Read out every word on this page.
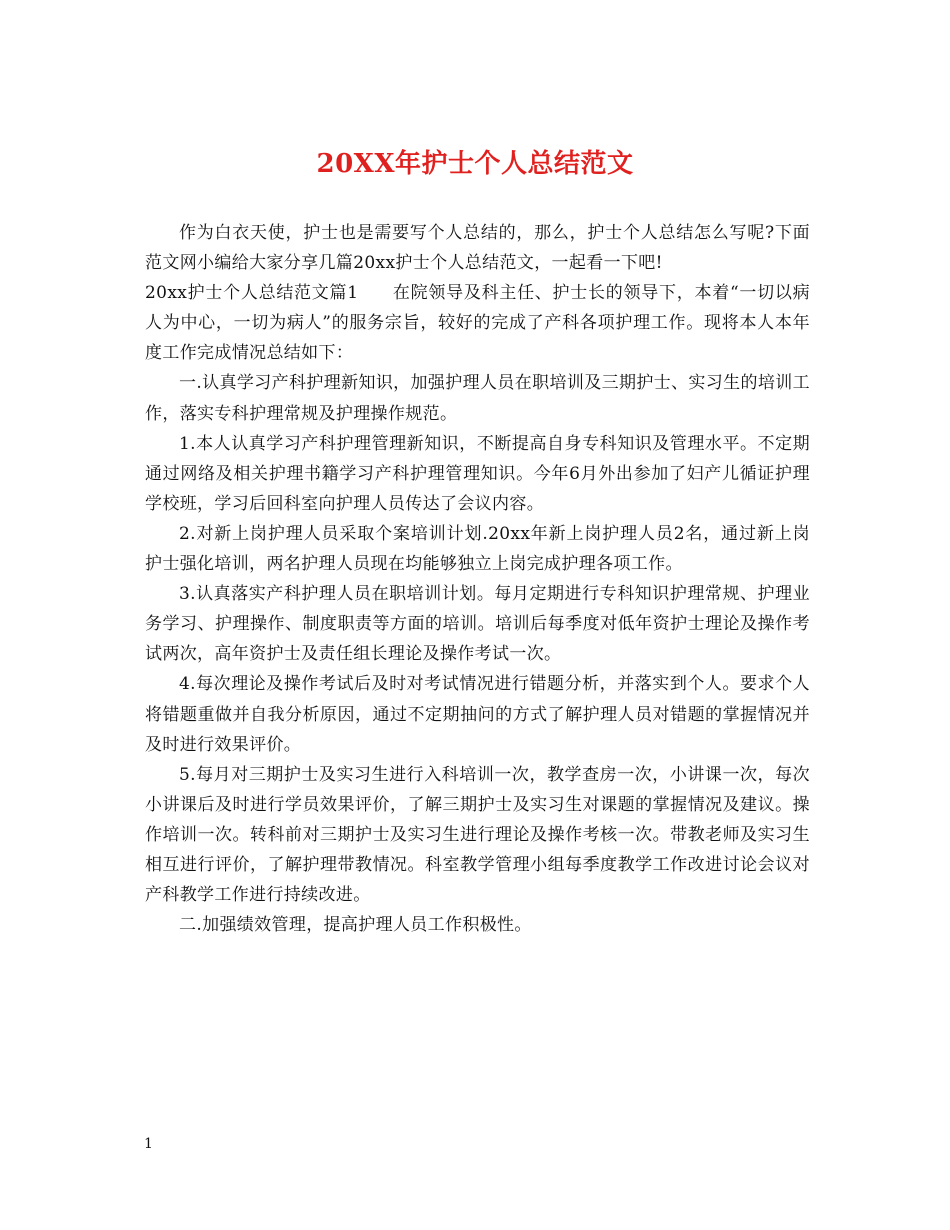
20XX年护士个人总结范文

作为白衣天使，护士也是需要写个人总结的，那么，护士个人总结怎么写呢?下面范文网小编给大家分享几篇20xx护士个人总结范文，一起看一下吧!

20xx护士个人总结范文篇1 在院领导及科主任、护士长的领导下，本着“一切以病人为中心，一切为病人”的服务宗旨，较好的完成了产科各项护理工作。现将本人本年度工作完成情况总结如下：

一.认真学习产科护理新知识，加强护理人员在职培训及三期护士、实习生的培训工作，落实专科护理常规及护理操作规范。

1.本人认真学习产科护理管理新知识，不断提高自身专科知识及管理水平。不定期通过网络及相关护理书籍学习产科护理管理知识。今年6月外出参加了妇产儿循证护理学校班，学习后回科室向护理人员传达了会议内容。

2.对新上岗护理人员采取个案培训计划.20xx年新上岗护理人员2名，通过新上岗护士强化培训，两名护理人员现在均能够独立上岗完成护理各项工作。

3.认真落实产科护理人员在职培训计划。每月定期进行专科知识护理常规、护理业务学习、护理操作、制度职责等方面的培训。培训后每季度对低年资护士理论及操作考试两次，高年资护士及责任组长理论及操作考试一次。

4.每次理论及操作考试后及时对考试情况进行错题分析，并落实到个人。要求个人将错题重做并自我分析原因，通过不定期抽问的方式了解护理人员对错题的掌握情况并及时进行效果评价。

5.每月对三期护士及实习生进行入科培训一次，教学查房一次，小讲课一次，每次小讲课后及时进行学员效果评价，了解三期护士及实习生对课题的掌握情况及建议。操作培训一次。转科前对三期护士及实习生进行理论及操作考核一次。带教老师及实习生相互进行评价，了解护理带教情况。科室教学管理小组每季度教学工作改进讨论会议对产科教学工作进行持续改进。

二.加强绩效管理，提高护理人员工作积极性。

1
